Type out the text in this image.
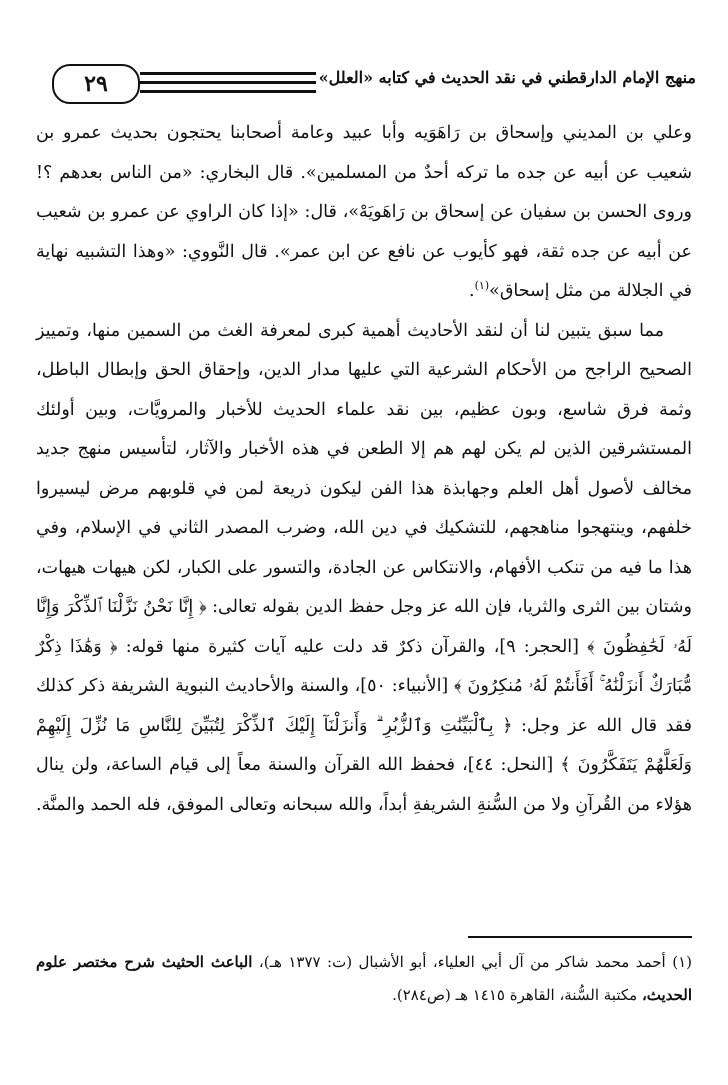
٢٩	منهج الإمام الدارقطني في نقد الحديث في كتابه «العلل»

وعلي بن المديني وإسحاق بن رَاهَوَيه وأبا عبيد وعامة أصحابنا يحتجون بحديث عمرو بن شعيب عن أبيه عن جده ما تركه أحدٌ من المسلمين». قال البخاري: «من الناس بعدهم ؟! وروى الحسن بن سفيان عن إسحاق بن رَاهَويَهْ»، قال: «إذا كان الراوي عن عمرو بن شعيب عن أبيه عن جده ثقة، فهو كأيوب عن نافع عن ابن عمر». قال النَّووي: «وهذا التشبيه نهاية في الجلالة من مثل إسحاق»$^{(١)}$.

مما سبق يتبين لنا أن لنقد الأحاديث أهمية كبرى لمعرفة الغث من السمين منها، وتمييز الصحيح الراجح من الأحكام الشرعية التي عليها مدار الدين، وإحقاق الحق وإبطال الباطل، وثمة فرق شاسع، وبون عظيم، بين نقد علماء الحديث للأخبار والمرويَّات، وبين أولئك المستشرقين الذين لم يكن لهم هم إلا الطعن في هذه الأخبار والآثار، لتأسيس منهج جديد مخالف لأصول أهل العلم وجهابذة هذا الفن ليكون ذريعة لمن في قلوبهم مرض ليسيروا خلفهم، وينتهجوا مناهجهم، للتشكيك في دين الله، وضرب المصدر الثاني في الإسلام، وفي هذا ما فيه من تنكب الأفهام، والانتكاس عن الجادة، والتسور على الكبار، لكن هيهات هيهات، وشتان بين الثرى والثريا، فإن الله عز وجل حفظ الدين بقوله تعالى: ﴿ إِنَّا نَحْنُ نَزَّلْنَا ٱلذِّكْرَ وَإِنَّا لَهُۥ لَحَٰفِظُونَ ﴾ [الحجر: ٩]، والقرآن ذكرٌ قد دلت عليه آيات كثيرة منها قوله: ﴿ وَهَٰذَا ذِكْرٌ مُّبَارَكٌ أَنزَلْنَٰهُ ۚ أَفَأَنتُمْ لَهُۥ مُنكِرُونَ ﴾ [الأنبياء: ٥٠]، والسنة والأحاديث النبوية الشريفة ذكر كذلك فقد قال الله عز وجل: ﴿ بِٱلْبَيِّنَٰتِ وَٱلزُّبُرِ ۗ وَأَنزَلْنَآ إِلَيْكَ ٱلذِّكْرَ لِتُبَيِّنَ لِلنَّاسِ مَا نُزِّلَ إِلَيْهِمْ وَلَعَلَّهُمْ يَتَفَكَّرُونَ ﴾ [النحل: ٤٤]، فحفظ الله القرآن والسنة معاً إلى قيام الساعة، ولن ينال هؤلاء من القُرآنِ ولا من السُّنةِ الشريفةِ أبداً، والله سبحانه وتعالى الموفق، فله الحمد والمنَّة.

(١) أحمد محمد شاكر من آل أبي العلياء، أبو الأشبال (ت: ١٣٧٧ هـ)، الباعث الحثيث شرح مختصر علوم الحديث، مكتبة السُّنة، القاهرة ١٤١٥ هـ (ص٢٨٤).
